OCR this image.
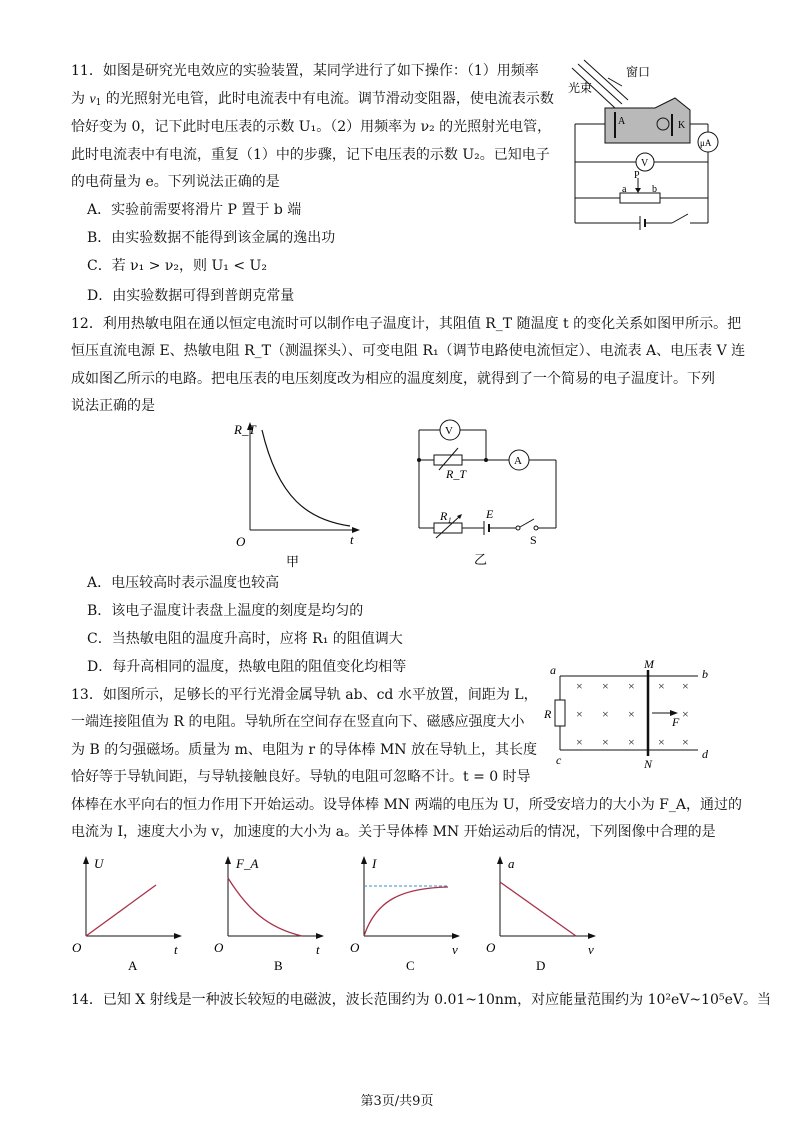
11．如图是研究光电效应的实验装置，某同学进行了如下操作：（1）用频率
为 $\nu_1$ 的光照射光电管，此时电流表中有电流。调节滑动变阻器，使电流表示数
恰好变为 0，记下此时电压表的示数 U₁。（2）用频率为 ν₂ 的光照射光电管，
此时电流表中有电流，重复（1）中的步骤，记下电压表的示数 U₂。已知电子
的电荷量为 e。下列说法正确的是
A．实验前需要将滑片 P 置于 b 端
B．由实验数据不能得到该金属的逸出功
C．若 ν₁ > ν₂，则 U₁ < U₂
D．由实验数据可得到普朗克常量
光束
窗口
A	K
μA
V
P
a	b
12．利用热敏电阻在通以恒定电流时可以制作电子温度计，其阻值 R_T 随温度 t 的变化关系如图甲所示。把
恒压直流电源 E、热敏电阻 R_T（测温探头）、可变电阻 R₁（调节电路使电流恒定）、电流表 A、电压表 V 连
成如图乙所示的电路。把电压表的电压刻度改为相应的温度刻度，就得到了一个简易的电子温度计。下列
说法正确的是
R_T
t
O
甲
V
A
R_T
R₁	E
S
乙
A．电压较高时表示温度也较高
B．该电子温度计表盘上温度的刻度是均匀的
C．当热敏电阻的温度升高时，应将 R₁ 的阻值调大
D．每升高相同的温度，热敏电阻的阻值变化均相等
13．如图所示，足够长的平行光滑金属导轨 ab、cd 水平放置，间距为 L，
一端连接阻值为 R 的电阻。导轨所在空间存在竖直向下、磁感应强度大小
为 B 的匀强磁场。质量为 m、电阻为 r 的导体棒 MN 放在导轨上，其长度
恰好等于导轨间距，与导轨接触良好。导轨的电阻可忽略不计。t = 0 时导
体棒在水平向右的恒力作用下开始运动。设导体棒 MN 两端的电压为 U，所受安培力的大小为 F_A，通过的
电流为 I，速度大小为 v，加速度的大小为 a。关于导体棒 MN 开始运动后的情况，下列图像中合理的是
× × × × ×
× × ×	×
× × × × ×
a	b
c	d
M
N
R
F
U
t
O
A
F_A
t
O
B
I
v
O
C
a
v
O
D
14．已知 X 射线是一种波长较短的电磁波，波长范围约为 0.01~10nm，对应能量范围约为 10²eV~10⁵eV。当
第3页/共9页
